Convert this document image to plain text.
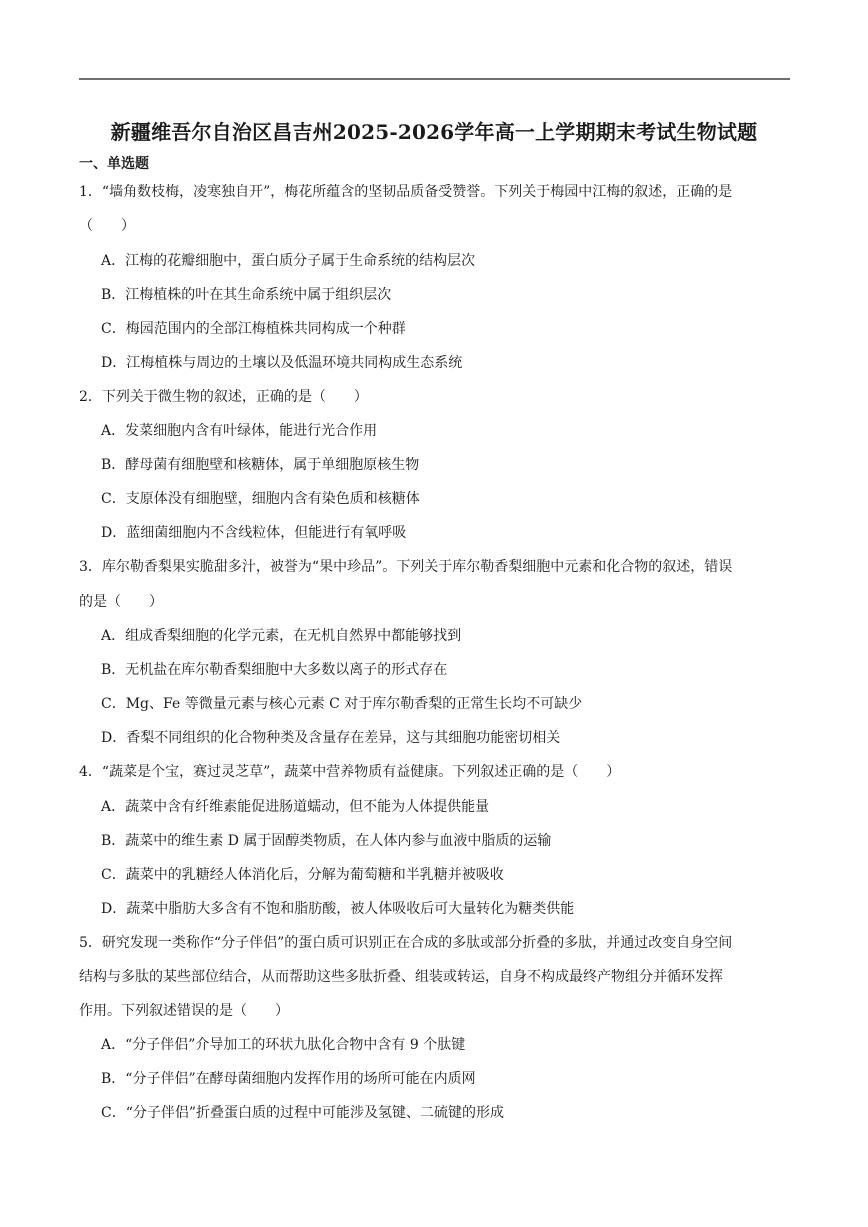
新疆维吾尔自治区昌吉州2025-2026学年高一上学期期末考试生物试题
一、单选题
1．“墙角数枝梅，凌寒独自开”，梅花所蕴含的坚韧品质备受赞誉。下列关于梅园中江梅的叙述，正确的是
（　　）
A．江梅的花瓣细胞中，蛋白质分子属于生命系统的结构层次
B．江梅植株的叶在其生命系统中属于组织层次
C．梅园范围内的全部江梅植株共同构成一个种群
D．江梅植株与周边的土壤以及低温环境共同构成生态系统
2．下列关于微生物的叙述，正确的是（　　）
A．发菜细胞内含有叶绿体，能进行光合作用
B．酵母菌有细胞壁和核糖体，属于单细胞原核生物
C．支原体没有细胞壁，细胞内含有染色质和核糖体
D．蓝细菌细胞内不含线粒体，但能进行有氧呼吸
3．库尔勒香梨果实脆甜多汁，被誉为“果中珍品”。下列关于库尔勒香梨细胞中元素和化合物的叙述，错误
的是（　　）
A．组成香梨细胞的化学元素，在无机自然界中都能够找到
B．无机盐在库尔勒香梨细胞中大多数以离子的形式存在
C．Mg、Fe 等微量元素与核心元素 C 对于库尔勒香梨的正常生长均不可缺少
D．香梨不同组织的化合物种类及含量存在差异，这与其细胞功能密切相关
4．“蔬菜是个宝，赛过灵芝草”，蔬菜中营养物质有益健康。下列叙述正确的是（　　）
A．蔬菜中含有纤维素能促进肠道蠕动，但不能为人体提供能量
B．蔬菜中的维生素 D 属于固醇类物质，在人体内参与血液中脂质的运输
C．蔬菜中的乳糖经人体消化后，分解为葡萄糖和半乳糖并被吸收
D．蔬菜中脂肪大多含有不饱和脂肪酸，被人体吸收后可大量转化为糖类供能
5．研究发现一类称作“分子伴侣”的蛋白质可识别正在合成的多肽或部分折叠的多肽，并通过改变自身空间
结构与多肽的某些部位结合，从而帮助这些多肽折叠、组装或转运，自身不构成最终产物组分并循环发挥
作用。下列叙述错误的是（　　）
A．“分子伴侣”介导加工的环状九肽化合物中含有 9 个肽键
B．“分子伴侣”在酵母菌细胞内发挥作用的场所可能在内质网
C．“分子伴侣”折叠蛋白质的过程中可能涉及氢键、二硫键的形成
